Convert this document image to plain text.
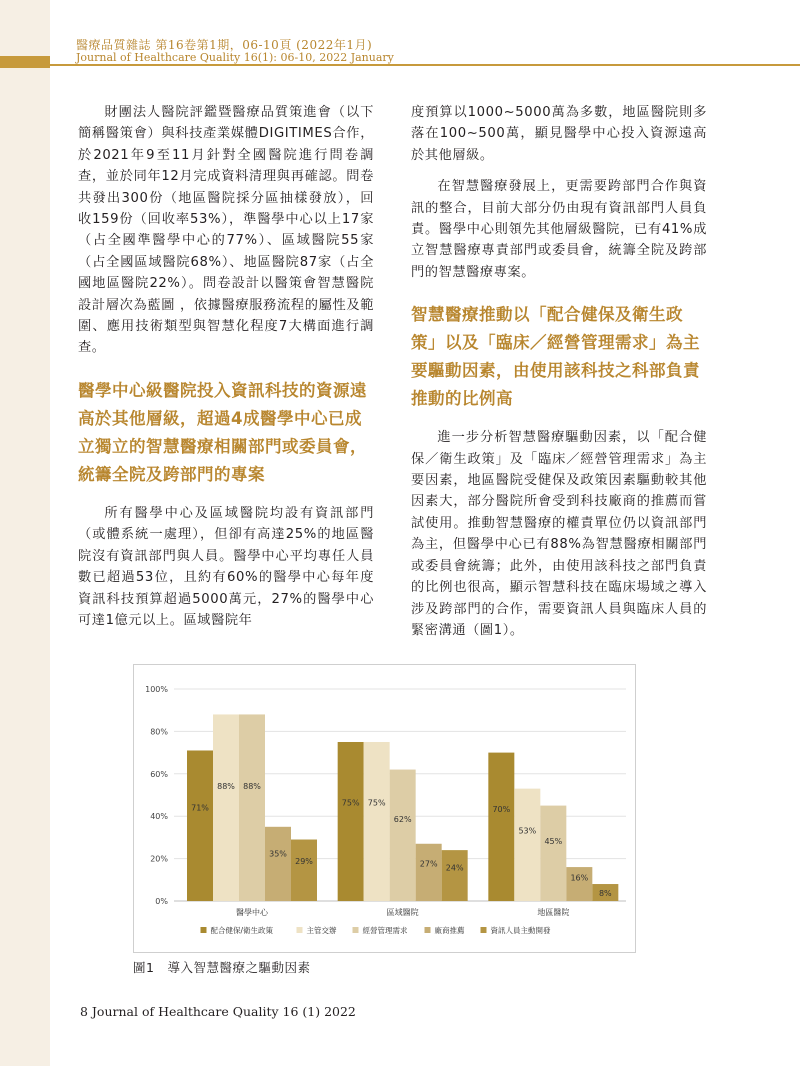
醫療品質雜誌 第16卷第1期，06-10頁 (2022年1月)
Journal of Healthcare Quality 16(1): 06-10, 2022 January

財團法人醫院評鑑暨醫療品質策進會（以下簡稱醫策會）與科技產業媒體DIGITIMES合作，於2021年9至11月針對全國醫院進行問卷調查，並於同年12月完成資料清理與再確認。問卷共發出300份（地區醫院採分區抽樣發放），回收159份（回收率53%），準醫學中心以上17家（占全國準醫學中心的77%）、區域醫院55家（占全國區域醫院68%）、地區醫院87家（占全國地區醫院22%）。問卷設計以醫策會智慧醫院設計層次為藍圖 ，依據醫療服務流程的屬性及範圍、應用技術類型與智慧化程度7大構面進行調查。

醫學中心級醫院投入資訊科技的資源遠高於其他層級，超過4成醫學中心已成立獨立的智慧醫療相關部門或委員會，統籌全院及跨部門的專案

所有醫學中心及區域醫院均設有資訊部門（或體系統一處理），但卻有高達25%的地區醫院沒有資訊部門與人員。醫學中心平均專任人員數已超過53位，且約有60%的醫學中心每年度資訊科技預算超過5000萬元，27%的醫學中心可達1億元以上。區域醫院年

度預算以1000~5000萬為多數，地區醫院則多落在100~500萬，顯見醫學中心投入資源遠高於其他層級。

在智慧醫療發展上，更需要跨部門合作與資訊的整合，目前大部分仍由現有資訊部門人員負責。醫學中心則領先其他層級醫院，已有41%成立智慧醫療專責部門或委員會，統籌全院及跨部門的智慧醫療專案。

智慧醫療推動以「配合健保及衛生政策」以及「臨床／經營管理需求」為主要驅動因素，由使用該科技之科部負責推動的比例高

進一步分析智慧醫療驅動因素，以「配合健保／衛生政策」及「臨床／經營管理需求」為主要因素，地區醫院受健保及政策因素驅動較其他因素大，部分醫院所會受到科技廠商的推薦而嘗試使用。推動智慧醫療的權責單位仍以資訊部門為主，但醫學中心已有88%為智慧醫療相關部門或委員會統籌；此外，由使用該科技之部門負責的比例也很高，顯示智慧科技在臨床場域之導入涉及跨部門的合作，需要資訊人員與臨床人員的緊密溝通（圖1）。

0%
20%
40%
60%
80%
100%
71%
88% 88%
35%
29%
醫學中心
75% 75%
62%
27% 24%
區域醫院
70%
53%
45%
16%
8%
地區醫院
配合健保/衛生政策	主管交辦	經營管理需求	廠商推薦	資訊人員主動開發
圖1　導入智慧醫療之驅動因素
8 Journal of Healthcare Quality 16 (1) 2022
